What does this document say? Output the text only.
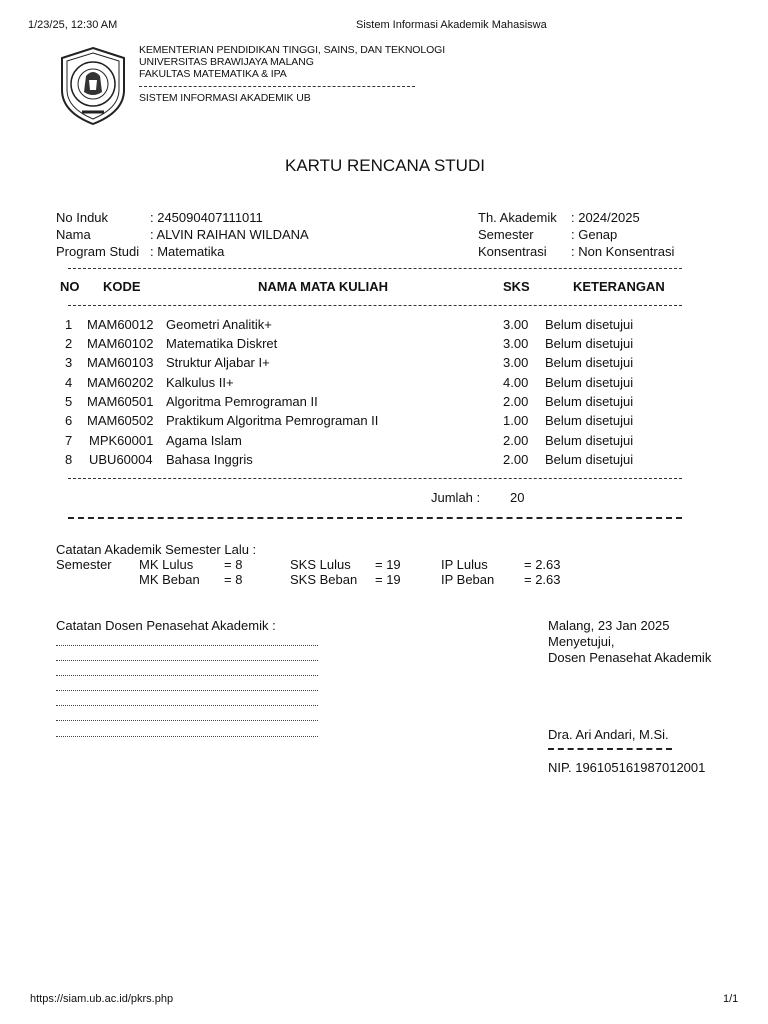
1/23/25, 12:30 AM	Sistem Informasi Akademik Mahasiswa
KEMENTERIAN PENDIDIKAN TINGGI, SAINS, DAN TEKNOLOGI
UNIVERSITAS BRAWIJAYA MALANG
FAKULTAS MATEMATIKA & IPA
SISTEM INFORMASI AKADEMIK UB
KARTU RENCANA STUDI
No Induk	: 245090407111011
Nama	: ALVIN RAIHAN WILDANA
Program Studi : Matematika
Th. Akademik : 2024/2025
Semester	: Genap
Konsentrasi : Non Konsentrasi
NO KODE	NAMA MATA KULIAH	SKS	KETERANGAN
1 MAM60012 Geometri Analitik+	3.00 Belum disetujui
2 MAM60102 Matematika Diskret	3.00 Belum disetujui
3 MAM60103 Struktur Aljabar I+	3.00 Belum disetujui
4 MAM60202 Kalkulus II+	4.00 Belum disetujui
5 MAM60501 Algoritma Pemrograman II	2.00 Belum disetujui
6 MAM60502 Praktikum Algoritma Pemrograman II	1.00 Belum disetujui
7 MPK60001 Agama Islam	2.00 Belum disetujui
8 UBU60004 Bahasa Inggris	2.00 Belum disetujui
Jumlah : 20
Catatan Akademik Semester Lalu :
Semester MK Lulus = 8	SKS Lulus = 19	IP Lulus	= 2.63
MK Beban = 8	SKS Beban = 19	IP Beban = 2.63
Catatan Dosen Penasehat Akademik :	Malang, 23 Jan 2025
Menyetujui,
Dosen Penasehat Akademik
Dra. Ari Andari, M.Si.
NIP. 196105161987012001
https://siam.ub.ac.id/pkrs.php	1/1
